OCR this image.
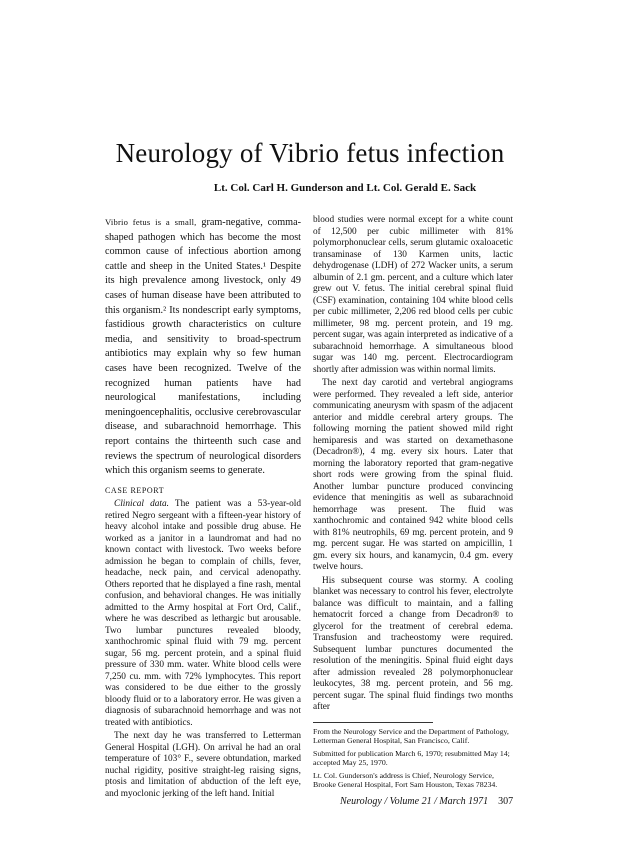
Neurology of Vibrio fetus infection
Lt. Col. Carl H. Gunderson and Lt. Col. Gerald E. Sack

Vibrio fetus is a small, gram-negative, comma-shaped pathogen which has become the most common cause of infectious abortion among cattle and sheep in the United States.¹ Despite its high prevalence among livestock, only 49 cases of human disease have been attributed to this organism.² Its nondescript early symptoms, fastidious growth characteristics on culture media, and sensitivity to broad-spectrum antibiotics may explain why so few human cases have been recognized. Twelve of the recognized human patients have had neurological manifestations, including meningoencephalitis, occlusive cerebrovascular disease, and subarachnoid hemorrhage. This report contains the thirteenth such case and reviews the spectrum of neurological disorders which this organism seems to generate.

CASE REPORT

Clinical data. The patient was a 53-year-old retired Negro sergeant with a fifteen-year history of heavy alcohol intake and possible drug abuse. He worked as a janitor in a laundromat and had no known contact with livestock. Two weeks before admission he began to complain of chills, fever, headache, neck pain, and cervical adenopathy. Others reported that he displayed a fine rash, mental confusion, and behavioral changes. He was initially admitted to the Army hospital at Fort Ord, Calif., where he was described as lethargic but arousable. Two lumbar punctures revealed bloody, xanthochromic spinal fluid with 79 mg. percent sugar, 56 mg. percent protein, and a spinal fluid pressure of 330 mm. water. White blood cells were 7,250 cu. mm. with 72% lymphocytes. This report was considered to be due either to the grossly bloody fluid or to a laboratory error. He was given a diagnosis of subarachnoid hemorrhage and was not treated with antibiotics.

The next day he was transferred to Letterman General Hospital (LGH). On arrival he had an oral temperature of 103° F., severe obtundation, marked nuchal rigidity, positive straight-leg raising signs, ptosis and limitation of abduction of the left eye, and myoclonic jerking of the left hand. Initial

blood studies were normal except for a white count of 12,500 per cubic millimeter with 81% polymorphonuclear cells, serum glutamic oxaloacetic transaminase of 130 Karmen units, lactic dehydrogenase (LDH) of 272 Wacker units, a serum albumin of 2.1 gm. percent, and a culture which later grew out V. fetus. The initial cerebral spinal fluid (CSF) examination, containing 104 white blood cells per cubic millimeter, 2,206 red blood cells per cubic millimeter, 98 mg. percent protein, and 19 mg. percent sugar, was again interpreted as indicative of a subarachnoid hemorrhage. A simultaneous blood sugar was 140 mg. percent. Electrocardiogram shortly after admission was within normal limits.

The next day carotid and vertebral angiograms were performed. They revealed a left side, anterior communicating aneurysm with spasm of the adjacent anterior and middle cerebral artery groups. The following morning the patient showed mild right hemiparesis and was started on dexamethasone (Decadron®), 4 mg. every six hours. Later that morning the laboratory reported that gram-negative short rods were growing from the spinal fluid. Another lumbar puncture produced convincing evidence that meningitis as well as subarachnoid hemorrhage was present. The fluid was xanthochromic and contained 942 white blood cells with 81% neutrophils, 69 mg. percent protein, and 9 mg. percent sugar. He was started on ampicillin, 1 gm. every six hours, and kanamycin, 0.4 gm. every twelve hours.

His subsequent course was stormy. A cooling blanket was necessary to control his fever, electrolyte balance was difficult to maintain, and a falling hematocrit forced a change from Decadron® to glycerol for the treatment of cerebral edema. Transfusion and tracheostomy were required. Subsequent lumbar punctures documented the resolution of the meningitis. Spinal fluid eight days after admission revealed 28 polymorphonuclear leukocytes, 38 mg. percent protein, and 56 mg. percent sugar. The spinal fluid findings two months after

From the Neurology Service and the Department of Pathology, Letterman General Hospital, San Francisco, Calif.

Submitted for publication March 6, 1970; resubmitted May 14; accepted May 25, 1970.

Lt. Col. Gunderson's address is Chief, Neurology Service, Brooke General Hospital, Fort Sam Houston, Texas 78234.

Neurology / Volume 21 / March 1971 307
